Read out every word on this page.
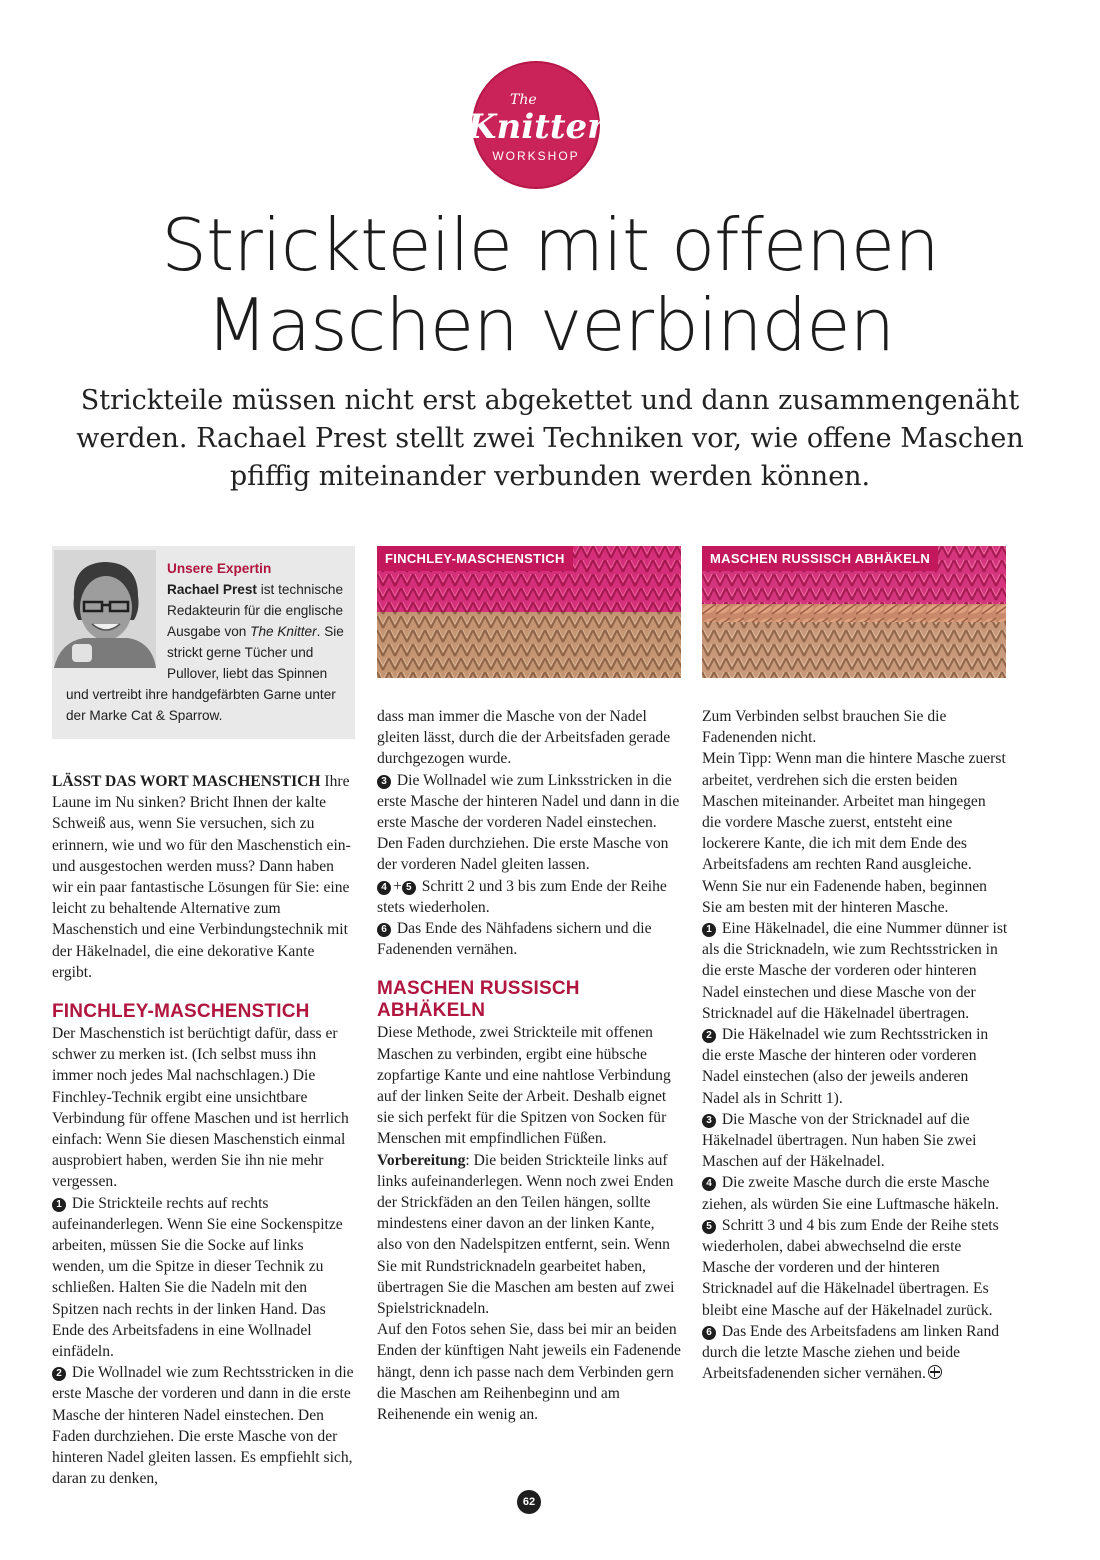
The
Knitter
WORKSHOP
Strickteile mit offenen
Maschen verbinden
Strickteile müssen nicht erst abgekettet und dann zusammengenäht werden. Rachael Prest stellt zwei Techniken vor, wie offene Maschen pfiffig miteinander verbunden werden können.
Unsere Expertin
Rachael Prest ist technische Redakteurin für die englische Ausgabe von The Knitter. Sie strickt gerne Tücher und Pullover, liebt das Spinnen und vertreibt ihre handgefärbten Garne unter der Marke Cat & Sparrow.
FINCHLEY-MASCHENSTICH	MASCHEN RUSSISCH ABHÄKELN

LÄSST DAS WORT MASCHENSTICH Ihre Laune im Nu sinken? Bricht Ihnen der kalte Schweiß aus, wenn Sie versuchen, sich zu erinnern, wie und wo für den Maschenstich ein- und ausgestochen werden muss? Dann haben wir ein paar fantastische Lösungen für Sie: eine leicht zu behaltende Alternative zum Maschenstich und eine Verbindungstechnik mit der Häkelnadel, die eine dekorative Kante ergibt.

FINCHLEY-MASCHENSTICH

Der Maschenstich ist berüchtigt dafür, dass er schwer zu merken ist. (Ich selbst muss ihn immer noch jedes Mal nachschlagen.) Die Finchley-Technik ergibt eine unsichtbare Verbindung für offene Maschen und ist herrlich einfach: Wenn Sie diesen Maschenstich einmal ausprobiert haben, werden Sie ihn nie mehr vergessen.

1 Die Strickteile rechts auf rechts aufeinanderlegen. Wenn Sie eine Sockenspitze arbeiten, müssen Sie die Socke auf links wenden, um die Spitze in dieser Technik zu schließen. Halten Sie die Nadeln mit den Spitzen nach rechts in der linken Hand. Das Ende des Arbeitsfadens in eine Wollnadel einfädeln.

2 Die Wollnadel wie zum Rechtsstricken in die erste Masche der vorderen und dann in die erste Masche der hinteren Nadel einstechen. Den Faden durchziehen. Die erste Masche von der hinteren Nadel gleiten lassen. Es empfiehlt sich, daran zu denken,

dass man immer die Masche von der Nadel gleiten lässt, durch die der Arbeitsfaden gerade durchgezogen wurde.

3 Die Wollnadel wie zum Linksstricken in die erste Masche der hinteren Nadel und dann in die erste Masche der vorderen Nadel einstechen. Den Faden durchziehen. Die erste Masche von der vorderen Nadel gleiten lassen.

4 + 5 Schritt 2 und 3 bis zum Ende der Reihe stets wiederholen.

6 Das Ende des Nähfadens sichern und die Fadenenden vernähen.

MASCHEN RUSSISCH ABHÄKELN

Diese Methode, zwei Strickteile mit offenen Maschen zu verbinden, ergibt eine hübsche zopfartige Kante und eine nahtlose Verbindung auf der linken Seite der Arbeit. Deshalb eignet sie sich perfekt für die Spitzen von Socken für Menschen mit empfindlichen Füßen.

Vorbereitung: Die beiden Strickteile links auf links aufeinanderlegen. Wenn noch zwei Enden der Strickfäden an den Teilen hängen, sollte mindestens einer davon an der linken Kante, also von den Nadelspitzen entfernt, sein. Wenn Sie mit Rundstricknadeln gearbeitet haben, übertragen Sie die Maschen am besten auf zwei Spielstricknadeln.

Auf den Fotos sehen Sie, dass bei mir an beiden Enden der künftigen Naht jeweils ein Fadenende hängt, denn ich passe nach dem Verbinden gern die Maschen am Reihenbeginn und am Reihenende ein wenig an.

Zum Verbinden selbst brauchen Sie die Fadenenden nicht.

Mein Tipp: Wenn man die hintere Masche zuerst arbeitet, verdrehen sich die ersten beiden Maschen miteinander. Arbeitet man hingegen die vordere Masche zuerst, entsteht eine lockerere Kante, die ich mit dem Ende des Arbeitsfadens am rechten Rand ausgleiche. Wenn Sie nur ein Fadenende haben, beginnen Sie am besten mit der hinteren Masche.

1 Eine Häkelnadel, die eine Nummer dünner ist als die Stricknadeln, wie zum Rechtsstricken in die erste Masche der vorderen oder hinteren Nadel einstechen und diese Masche von der Stricknadel auf die Häkelnadel übertragen.

2 Die Häkelnadel wie zum Rechtsstricken in die erste Masche der hinteren oder vorderen Nadel einstechen (also der jeweils anderen Nadel als in Schritt 1).

3 Die Masche von der Stricknadel auf die Häkelnadel übertragen. Nun haben Sie zwei Maschen auf der Häkelnadel.

4 Die zweite Masche durch die erste Masche ziehen, als würden Sie eine Luftmasche häkeln.

5 Schritt 3 und 4 bis zum Ende der Reihe stets wiederholen, dabei abwechselnd die erste Masche der vorderen und der hinteren Stricknadel auf die Häkelnadel übertragen. Es bleibt eine Masche auf der Häkelnadel zurück.

6 Das Ende des Arbeitsfadens am linken Rand durch die letzte Masche ziehen und beide Arbeitsfadenenden sicher vernähen.

62
